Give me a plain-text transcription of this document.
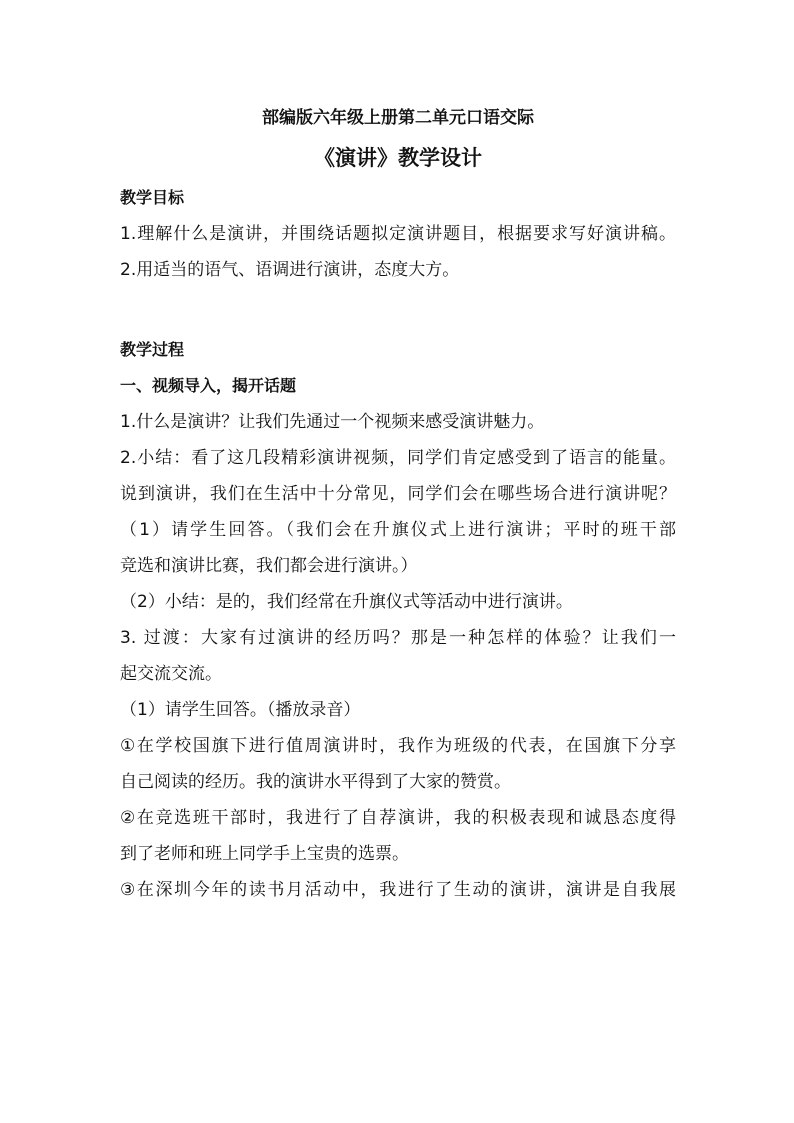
部编版六年级上册第二单元口语交际
《演讲》教学设计
教学目标
1.理解什么是演讲，并围绕话题拟定演讲题目，根据要求写好演讲稿。
2.用适当的语气、语调进行演讲，态度大方。
教学过程
一、视频导入，揭开话题
1.什么是演讲？让我们先通过一个视频来感受演讲魅力。
2.小结：看了这几段精彩演讲视频，同学们肯定感受到了语言的能量。
说到演讲，我们在生活中十分常见，同学们会在哪些场合进行演讲呢？
（1）请学生回答。（我们会在升旗仪式上进行演讲；平时的班干部
竞选和演讲比赛，我们都会进行演讲。）
（2）小结：是的，我们经常在升旗仪式等活动中进行演讲。
3. 过渡：大家有过演讲的经历吗？那是一种怎样的体验？让我们一
起交流交流。
（1）请学生回答。（播放录音）
①在学校国旗下进行值周演讲时，我作为班级的代表，在国旗下分享
自己阅读的经历。我的演讲水平得到了大家的赞赏。
②在竞选班干部时，我进行了自荐演讲，我的积极表现和诚恳态度得
到了老师和班上同学手上宝贵的选票。
③在深圳今年的读书月活动中，我进行了生动的演讲，演讲是自我展
